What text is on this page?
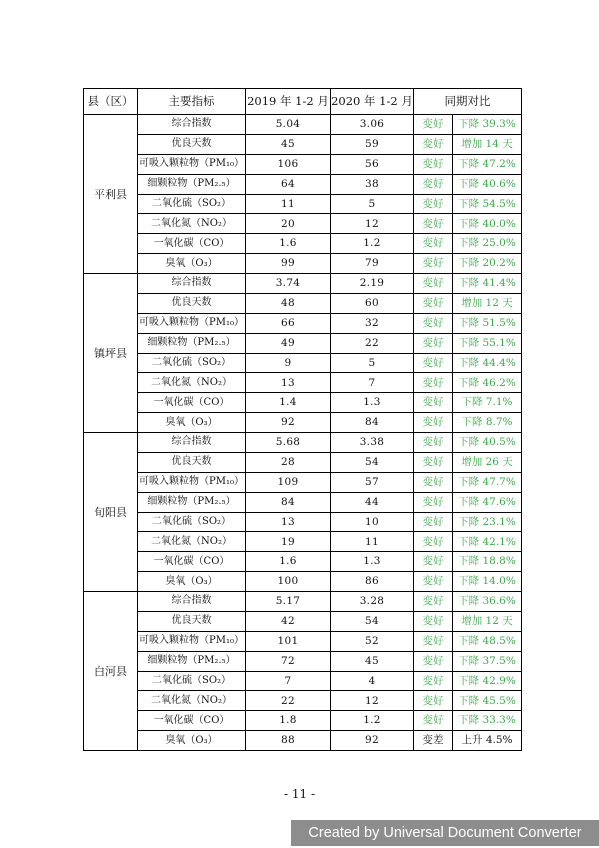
县（区）	主要指标	2019 年 1-2 月	2020 年 1-2 月	同期对比	
平利县	综合指数	5.04	3.06	变好	下降 39.3%
	优良天数	45	59	变好	增加 14 天
	可吸入颗粒物（PM₁₀）	106	56	变好	下降 47.2%
	细颗粒物（PM₂.₅）	64	38	变好	下降 40.6%
	二氧化硫（SO₂）	11	5	变好	下降 54.5%
	二氧化氮（NO₂）	20	12	变好	下降 40.0%
	一氧化碳（CO）	1.6	1.2	变好	下降 25.0%
	臭氧（O₃）	99	79	变好	下降 20.2%
镇坪县	综合指数	3.74	2.19	变好	下降 41.4%
	优良天数	48	60	变好	增加 12 天
	可吸入颗粒物（PM₁₀）	66	32	变好	下降 51.5%
	细颗粒物（PM₂.₅）	49	22	变好	下降 55.1%
	二氧化硫（SO₂）	9	5	变好	下降 44.4%
	二氧化氮（NO₂）	13	7	变好	下降 46.2%
	一氧化碳（CO）	1.4	1.3	变好	下降 7.1%
	臭氧（O₃）	92	84	变好	下降 8.7%
旬阳县	综合指数	5.68	3.38	变好	下降 40.5%
	优良天数	28	54	变好	增加 26 天
	可吸入颗粒物（PM₁₀）	109	57	变好	下降 47.7%
	细颗粒物（PM₂.₅）	84	44	变好	下降 47.6%
	二氧化硫（SO₂）	13	10	变好	下降 23.1%
	二氧化氮（NO₂）	19	11	变好	下降 42.1%
	一氧化碳（CO）	1.6	1.3	变好	下降 18.8%
	臭氧（O₃）	100	86	变好	下降 14.0%
白河县	综合指数	5.17	3.28	变好	下降 36.6%
	优良天数	42	54	变好	增加 12 天
	可吸入颗粒物（PM₁₀）	101	52	变好	下降 48.5%
	细颗粒物（PM₂.₅）	72	45	变好	下降 37.5%
	二氧化硫（SO₂）	7	4	变好	下降 42.9%
	二氧化氮（NO₂）	22	12	变好	下降 45.5%
	一氧化碳（CO）	1.8	1.2	变好	下降 33.3%
	臭氧（O₃）	88	92	变差	上升 4.5%
- 11 -
Created by Universal Document Converter
